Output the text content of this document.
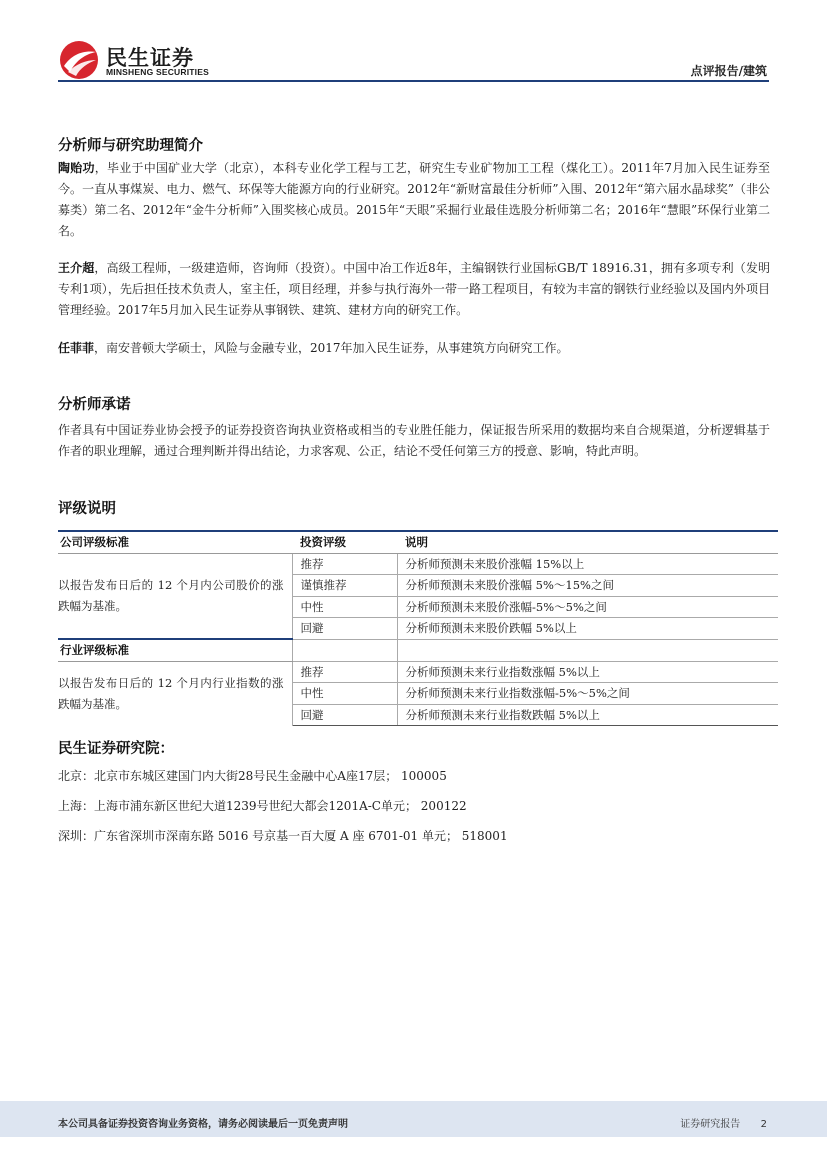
民生证券
MINSHENG SECURITIES	点评报告/建筑
分析师与研究助理简介

陶贻功，毕业于中国矿业大学（北京），本科专业化学工程与工艺，研究生专业矿物加工工程（煤化工）。2011年7月加入民生证券至今。一直从事煤炭、电力、燃气、环保等大能源方向的行业研究。2012年“新财富最佳分析师”入围、2012年“第六届水晶球奖”（非公募类）第二名、2012年“金牛分析师”入围奖核心成员。2015年“天眼”采掘行业最佳选股分析师第二名；2016年“慧眼”环保行业第二名。

王介超，高级工程师，一级建造师，咨询师（投资）。中国中冶工作近8年，主编钢铁行业国标GB/T 18916.31，拥有多项专利（发明专利1项），先后担任技术负责人，室主任，项目经理，并参与执行海外一带一路工程项目，有较为丰富的钢铁行业经验以及国内外项目管理经验。2017年5月加入民生证券从事钢铁、建筑、建材方向的研究工作。

任菲菲，南安普顿大学硕士，风险与金融专业，2017年加入民生证券，从事建筑方向研究工作。

分析师承诺
作者具有中国证券业协会授予的证券投资咨询执业资格或相当的专业胜任能力，保证报告所采用的数据均来自合规渠道，分析逻辑基于作者的职业理解，通过合理判断并得出结论，力求客观、公正，结论不受任何第三方的授意、影响，特此声明。
评级说明
公司评级标准	投资评级	说明
以报告发布日后的 12 个月内公司股价的涨跌幅为基准。	推荐	分析师预测未来股价涨幅 15%以上
	谨慎推荐	分析师预测未来股价涨幅 5%～15%之间
	中性	分析师预测未来股价涨幅-5%～5%之间
	回避	分析师预测未来股价跌幅 5%以上
行业评级标准		
以报告发布日后的 12 个月内行业指数的涨跌幅为基准。	推荐	分析师预测未来行业指数涨幅 5%以上
	中性	分析师预测未来行业指数涨幅-5%～5%之间
	回避	分析师预测未来行业指数跌幅 5%以上
民生证券研究院：
北京：北京市东城区建国门内大街28号民生金融中心A座17层； 100005
上海：上海市浦东新区世纪大道1239号世纪大都会1201A-C单元； 200122
深圳：广东省深圳市深南东路 5016 号京基一百大厦 A 座 6701-01 单元； 518001
本公司具备证券投资咨询业务资格，请务必阅读最后一页免责声明	证券研究报告 2
